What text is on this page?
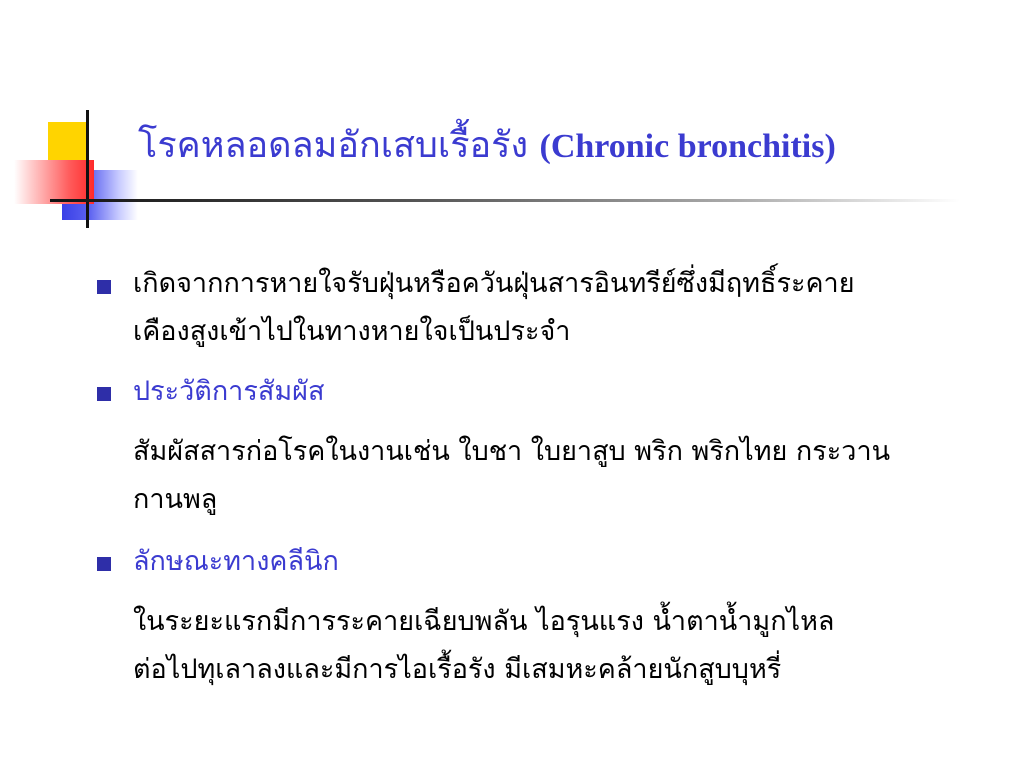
โรคหลอดลมอักเสบเรื้อรัง (Chronic bronchitis)
เกิดจากการหายใจรับฝุ่นหรือควันฝุ่นสารอินทรีย์ซึ่งมีฤทธิ์ระคาย
เคืองสูงเข้าไปในทางหายใจเป็นประจำ
ประวัติการสัมผัส
สัมผัสสารก่อโรคในงานเช่น ใบชา ใบยาสูบ พริก พริกไทย กระวาน
กานพลู
ลักษณะทางคลีนิก
ในระยะแรกมีการระคายเฉียบพลัน ไอรุนแรง น้ำตาน้ำมูกไหล
ต่อไปทุเลาลงและมีการไอเรื้อรัง มีเสมหะคล้ายนักสูบบุหรี่
